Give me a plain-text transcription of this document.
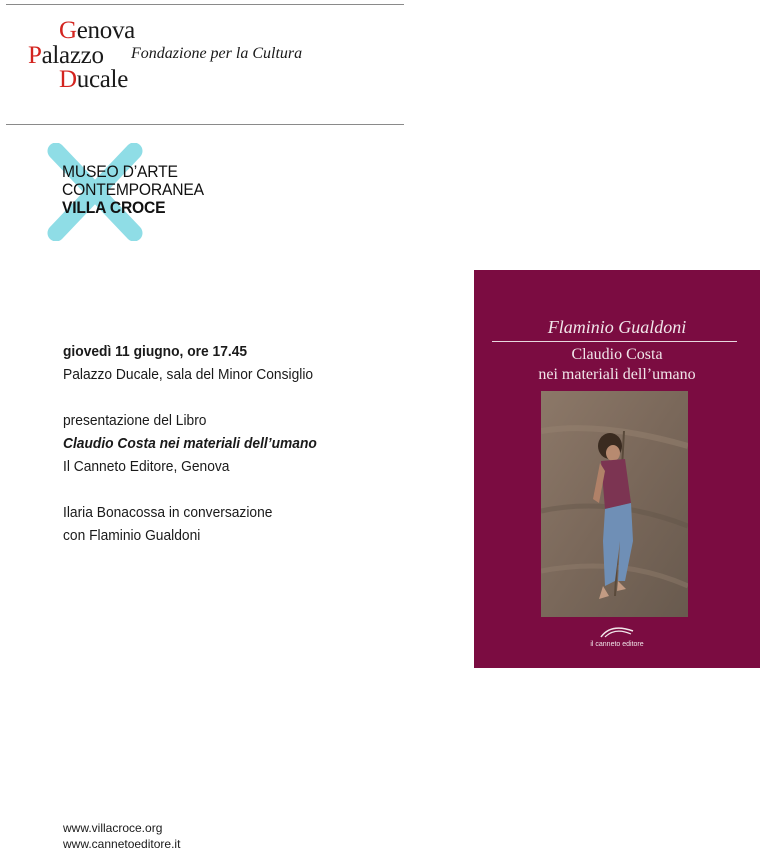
Genova
Palazzo Fondazione per la Cultura
Ducale
MUSEO D’ARTE
CONTEMPORANEA
VILLA CROCE
giovedì 11 giugno, ore 17.45
Palazzo Ducale, sala del Minor Consiglio
presentazione del Libro
Claudio Costa nei materiali dell’umano
Il Canneto Editore, Genova
Ilaria Bonacossa in conversazione
con Flaminio Gualdoni
Flaminio Gualdoni
Claudio Costa
nei materiali dell’umano
il canneto editore
www.villacroce.org
www.cannetoeditore.it
